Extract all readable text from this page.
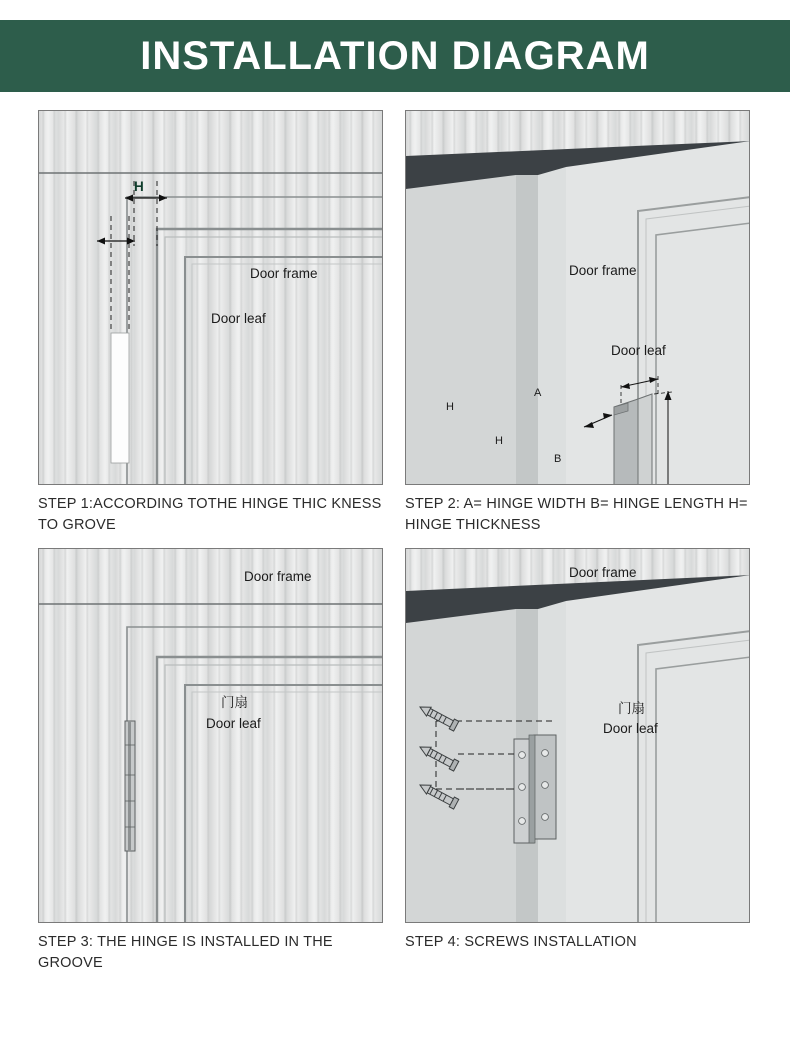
INSTALLATION DIAGRAM
Door frame
Door leaf
H
STEP 1:ACCORDING TOTHE HINGE THIC KNESS TO GROVE
Door frame
Door leaf
H
H
A
B
STEP 2: A= HINGE WIDTH B= HINGE LENGTH H= HINGE THICKNESS
Door frame
门扇
Door leaf
STEP 3: THE HINGE IS INSTALLED IN THE GROOVE
Door frame
门扇
Door leaf
STEP 4: SCREWS INSTALLATION
